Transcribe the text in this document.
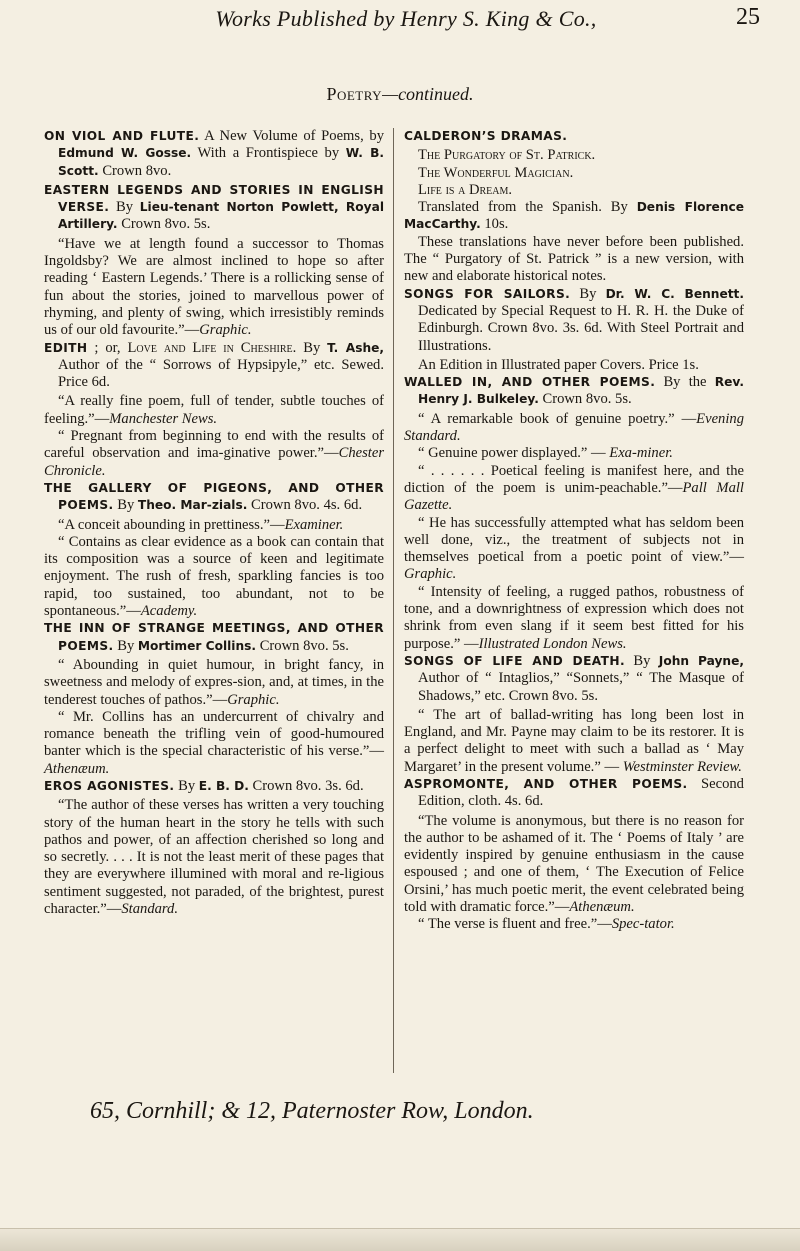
Works Published by Henry S. King & Co.,	25
Poetry—continued.
ON VIOL AND FLUTE. A New Volume of Poems, by Edmund W. Gosse. With a Frontispiece by W. B. Scott. Crown 8vo.
EASTERN LEGENDS AND STORIES IN ENGLISH VERSE. By Lieu-tenant Norton Powlett, Royal Artillery. Crown 8vo. 5s.

“Have we at length found a successor to Thomas Ingoldsby? We are almost inclined to hope so after reading ‘ Eastern Legends.’ There is a rollicking sense of fun about the stories, joined to marvellous power of rhyming, and plenty of swing, which irresistibly reminds us of our old favourite.”—Graphic.

EDITH ; or, Love and Life in Cheshire. By T. Ashe, Author of the “ Sorrows of Hypsipyle,” etc. Sewed. Price 6d.

“A really fine poem, full of tender, subtle touches of feeling.”—Manchester News.

“ Pregnant from beginning to end with the results of careful observation and ima-ginative power.”—Chester Chronicle.

THE GALLERY OF PIGEONS, AND OTHER POEMS. By Theo. Mar-zials. Crown 8vo. 4s. 6d.

“A conceit abounding in prettiness.”—Examiner.

“ Contains as clear evidence as a book can contain that its composition was a source of keen and legitimate enjoyment. The rush of fresh, sparkling fancies is too rapid, too sustained, too abundant, not to be spontaneous.”—Academy.

THE INN OF STRANGE MEETINGS, AND OTHER POEMS. By Mortimer Collins. Crown 8vo. 5s.

“ Abounding in quiet humour, in bright fancy, in sweetness and melody of expres-sion, and, at times, in the tenderest touches of pathos.”—Graphic.

“ Mr. Collins has an undercurrent of chivalry and romance beneath the trifling vein of good-humoured banter which is the special characteristic of his verse.”—Athenæum.

EROS AGONISTES. By E. B. D. Crown 8vo. 3s. 6d.

“The author of these verses has written a very touching story of the human heart in the story he tells with such pathos and power, of an affection cherished so long and so secretly. . . . It is not the least merit of these pages that they are everywhere illumined with moral and re-ligious sentiment suggested, not paraded, of the brightest, purest character.”—Standard.

CALDERON’S DRAMAS.

The Purgatory of St. Patrick.

The Wonderful Magician.

Life is a Dream.

Translated from the Spanish. By Denis Florence MacCarthy. 10s.

These translations have never before been published. The “ Purgatory of St. Patrick ” is a new version, with new and elaborate historical notes.

SONGS FOR SAILORS. By Dr. W. C. Bennett. Dedicated by Special Request to H. R. H. the Duke of Edinburgh. Crown 8vo. 3s. 6d. With Steel Portrait and Illustrations.

An Edition in Illustrated paper Covers. Price 1s.

WALLED IN, AND OTHER POEMS. By the Rev. Henry J. Bulkeley. Crown 8vo. 5s.

“ A remarkable book of genuine poetry.” —Evening Standard.

“ Genuine power displayed.” — Exa-miner.

“ . . . . . . Poetical feeling is manifest here, and the diction of the poem is unim-peachable.”—Pall Mall Gazette.

“ He has successfully attempted what has seldom been well done, viz., the treatment of subjects not in themselves poetical from a poetic point of view.”—Graphic.

“ Intensity of feeling, a rugged pathos, robustness of tone, and a downrightness of expression which does not shrink from even slang if it seem best fitted for his purpose.” —Illustrated London News.

SONGS OF LIFE AND DEATH. By John Payne, Author of “ Intaglios,” “Sonnets,” “ The Masque of Shadows,” etc. Crown 8vo. 5s.

“ The art of ballad-writing has long been lost in England, and Mr. Payne may claim to be its restorer. It is a perfect delight to meet with such a ballad as ‘ May Margaret’ in the present volume.” — Westminster Review.

ASPROMONTE, AND OTHER POEMS. Second Edition, cloth. 4s. 6d.

“The volume is anonymous, but there is no reason for the author to be ashamed of it. The ‘ Poems of Italy ’ are evidently inspired by genuine enthusiasm in the cause espoused ; and one of them, ‘ The Execution of Felice Orsini,’ has much poetic merit, the event celebrated being told with dramatic force.”—Athenæum.

“ The verse is fluent and free.”—Spec-tator.

65, Cornhill; & 12, Paternoster Row, London.
